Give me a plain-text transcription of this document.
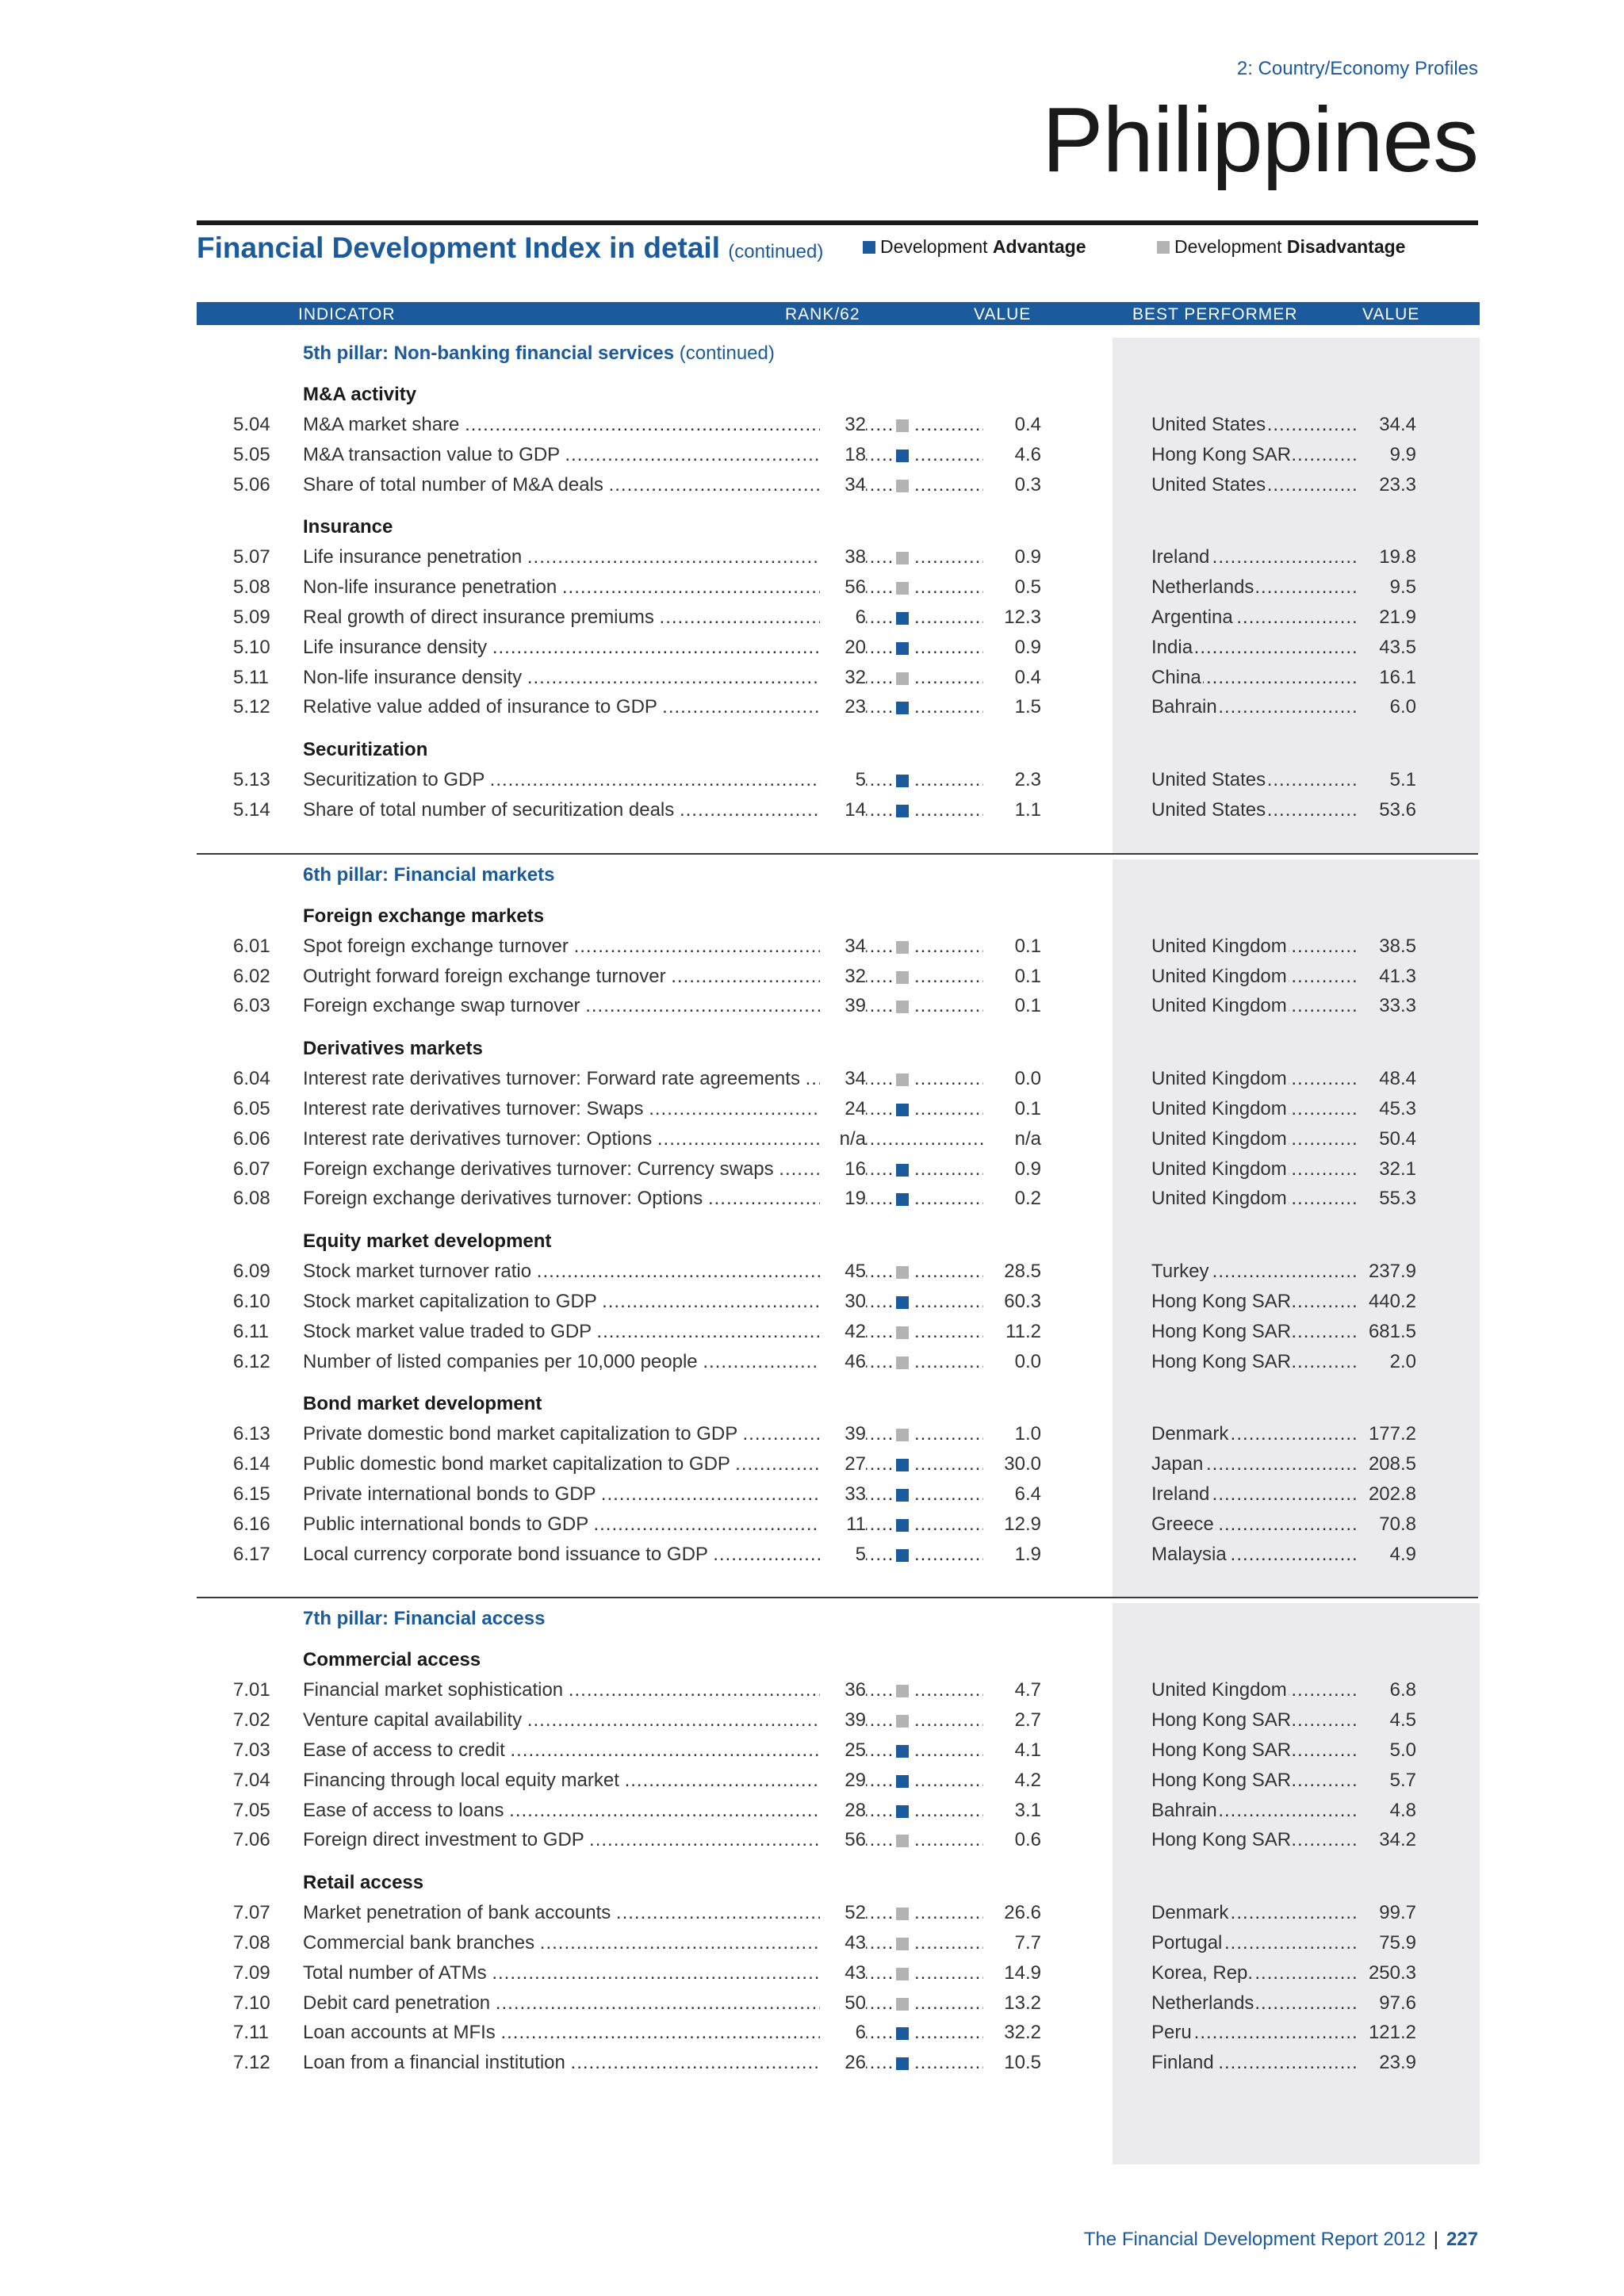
2: Country/Economy Profiles
Philippines
Financial Development Index in detail (continued)	Development Advantage	Development Disadvantage
INDICATOR	RANK/62	VALUE	BEST PERFORMER	VALUE
5th pillar: Non-banking financial services (continued)
M&A activity
5.04 M&A market share ..... ..... .....	32	0.4 .....	United States	34.4
5.05 M&A transaction value to GDP ..... ..... .....	18	4.6 .....	Hong Kong SAR	9.9
5.06 Share of total number of M&A deals ..... ..... .....	34	0.3 .....	United States	23.3
Insurance
5.07 Life insurance penetration ..... ..... .....	38	0.9 .....	Ireland	19.8
5.08 Non-life insurance penetration ..... ..... .....	56	0.5 .....	Netherlands	9.5
5.09 Real growth of direct insurance premiums ..... ..... .....	6	12.3 .....	Argentina	21.9
5.10 Life insurance density ..... ..... .....	20	0.9 .....	India	43.5
5.11 Non-life insurance density ..... ..... .....	32	0.4 .....	China	16.1
5.12 Relative value added of insurance to GDP ..... ..... .....	23	1.5 .....	Bahrain	6.0
Securitization
5.13 Securitization to GDP ..... ..... .....	5	2.3 .....	United States	5.1
5.14 Share of total number of securitization deals ..... ..... .....	14	1.1 .....	United States	53.6
6th pillar: Financial markets
Foreign exchange markets
6.01 Spot foreign exchange turnover ..... ..... .....	34	0.1 .....	United Kingdom	38.5
6.02 Outright forward foreign exchange turnover ..... ..... .....	32	0.1 .....	United Kingdom	41.3
6.03 Foreign exchange swap turnover ..... ..... .....	39	0.1 .....	United Kingdom	33.3
Derivatives markets
6.04 Interest rate derivatives turnover: Forward rate agreements ..... ..... .....	34	0.0 .....	United Kingdom	48.4
6.05 Interest rate derivatives turnover: Swaps ..... ..... .....	24	0.1 .....	United Kingdom	45.3
6.06 Interest rate derivatives turnover: Options ..... .....	n/a	n/a .....	United Kingdom	50.4
6.07 Foreign exchange derivatives turnover: Currency swaps ..... ..... .....	16	0.9 .....	United Kingdom	32.1
6.08 Foreign exchange derivatives turnover: Options ..... ..... .....	19	0.2 .....	United Kingdom	55.3
Equity market development
6.09 Stock market turnover ratio ..... ..... .....	45	28.5 .....	Turkey	237.9
6.10 Stock market capitalization to GDP ..... ..... .....	30	60.3 .....	Hong Kong SAR	440.2
6.11 Stock market value traded to GDP ..... ..... .....	42	11.2 .....	Hong Kong SAR	681.5
6.12 Number of listed companies per 10,000 people ..... ..... .....	46	0.0 .....	Hong Kong SAR	2.0
Bond market development
6.13 Private domestic bond market capitalization to GDP ..... ..... .....	39	1.0 .....	Denmark	177.2
6.14 Public domestic bond market capitalization to GDP ..... ..... .....	27	30.0 .....	Japan	208.5
6.15 Private international bonds to GDP ..... ..... .....	33	6.4 .....	Ireland	202.8
6.16 Public international bonds to GDP ..... ..... .....	11	12.9 .....	Greece	70.8
6.17 Local currency corporate bond issuance to GDP ..... ..... .....	5	1.9 .....	Malaysia	4.9
7th pillar: Financial access
Commercial access
7.01 Financial market sophistication ..... ..... .....	36	4.7 .....	United Kingdom	6.8
7.02 Venture capital availability ..... ..... .....	39	2.7 .....	Hong Kong SAR	4.5
7.03 Ease of access to credit ..... ..... .....	25	4.1 .....	Hong Kong SAR	5.0
7.04 Financing through local equity market ..... ..... .....	29	4.2 .....	Hong Kong SAR	5.7
7.05 Ease of access to loans ..... ..... .....	28	3.1 .....	Bahrain	4.8
7.06 Foreign direct investment to GDP ..... ..... .....	56	0.6 .....	Hong Kong SAR	34.2
Retail access
7.07 Market penetration of bank accounts ..... ..... .....	52	26.6 .....	Denmark	99.7
7.08 Commercial bank branches ..... ..... .....	43	7.7 .....	Portugal	75.9
7.09 Total number of ATMs ..... ..... .....	43	14.9 .....	Korea, Rep.	250.3
7.10 Debit card penetration ..... ..... .....	50	13.2 .....	Netherlands	97.6
7.11 Loan accounts at MFIs ..... ..... .....	6	32.2 .....	Peru	121.2
7.12 Loan from a financial institution ..... ..... .....	26	10.5 .....	Finland	23.9
The Financial Development Report 2012 | 227
